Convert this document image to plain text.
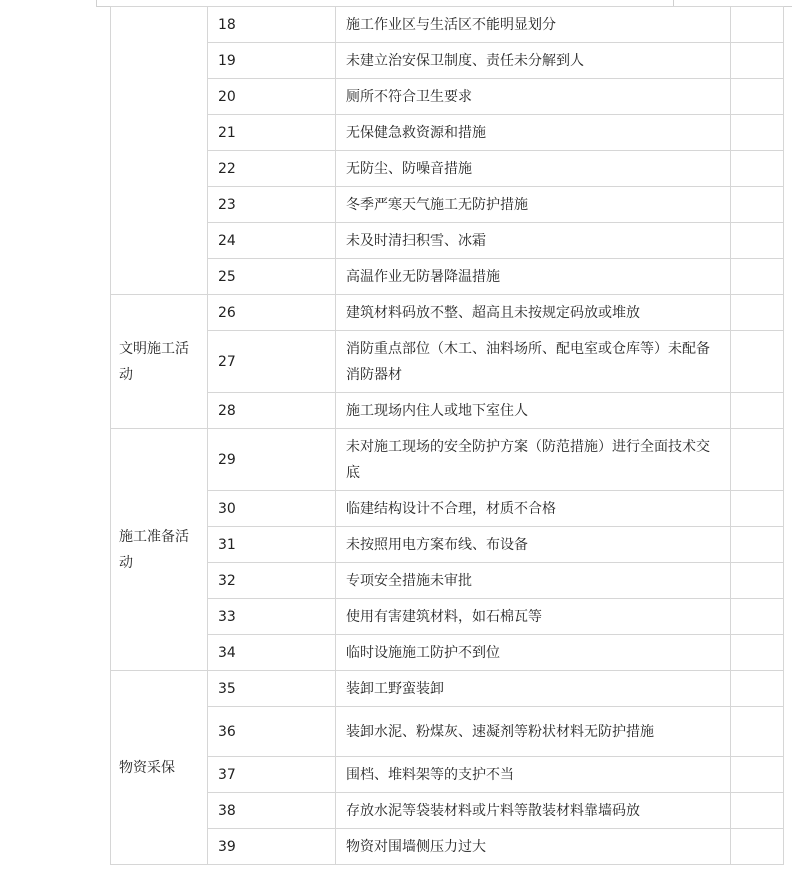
	18	施工作业区与生活区不能明显划分	
	19	未建立治安保卫制度、责任未分解到人	
	20	厕所不符合卫生要求	
	21	无保健急救资源和措施	
	22	无防尘、防噪音措施	
	23	冬季严寒天气施工无防护措施	
	24	未及时清扫积雪、冰霜	
	25	高温作业无防暑降温措施	
文明施工活动	26	建筑材料码放不整、超高且未按规定码放或堆放	
	27	消防重点部位（木工、油料场所、配电室或仓库等）未配备消防器材	
	28	施工现场内住人或地下室住人	
施工准备活动	29	未对施工现场的安全防护方案（防范措施）进行全面技术交底	
	30	临建结构设计不合理，材质不合格	
	31	未按照用电方案布线、布设备	
	32	专项安全措施未审批	
	33	使用有害建筑材料，如石棉瓦等	
	34	临时设施施工防护不到位	
物资采保	35	装卸工野蛮装卸	
	36	装卸水泥、粉煤灰、速凝剂等粉状材料无防护措施	
	37	围档、堆料架等的支护不当	
	38	存放水泥等袋装材料或片料等散装材料靠墙码放	
	39	物资对围墙侧压力过大	
